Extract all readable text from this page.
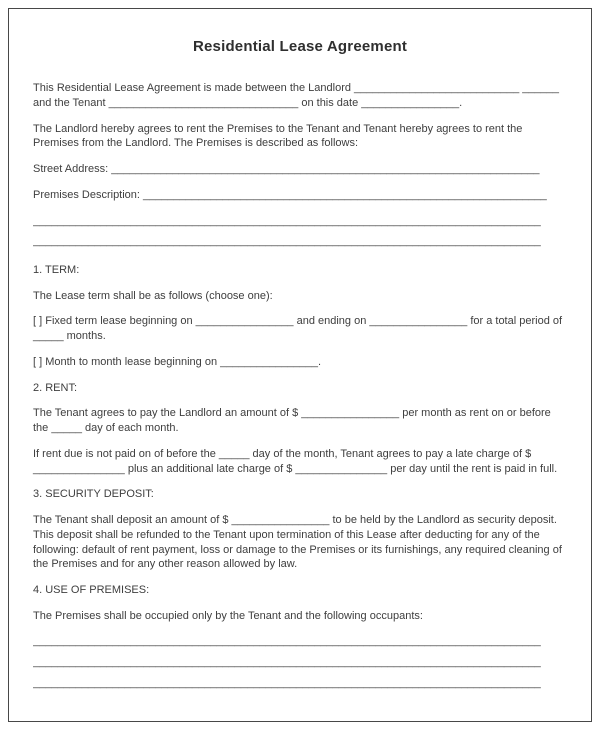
Residential Lease Agreement

This Residential Lease Agreement is made between the Landlord ___________________________ ______ and the Tenant _______________________________ on this date ________________.

The Landlord hereby agrees to rent the Premises to the Tenant and Tenant hereby agrees to rent the Premises from the Landlord. The Premises is described as follows:

Street Address: ______________________________________________________________________

Premises Description: __________________________________________________________________

___________________________________________________________________________________

___________________________________________________________________________________

1. TERM:

The Lease term shall be as follows (choose one):

[ ] Fixed term lease beginning on ________________ and ending on ________________ for a total period of _____ months.

[ ] Month to month lease beginning on ________________.

2. RENT:

The Tenant agrees to pay the Landlord an amount of $ ________________ per month as rent on or before the _____ day of each month.

If rent due is not paid on of before the _____ day of the month, Tenant agrees to pay a late charge of $ _______________ plus an additional late charge of $ _______________ per day until the rent is paid in full.

3. SECURITY DEPOSIT:

The Tenant shall deposit an amount of $ ________________ to be held by the Landlord as security deposit. This deposit shall be refunded to the Tenant upon termination of this Lease after deducting for any of the following: default of rent payment, loss or damage to the Premises or its furnishings, any required cleaning of the Premises and for any other reason allowed by law.

4. USE OF PREMISES:

The Premises shall be occupied only by the Tenant and the following occupants:

___________________________________________________________________________________

___________________________________________________________________________________

___________________________________________________________________________________
